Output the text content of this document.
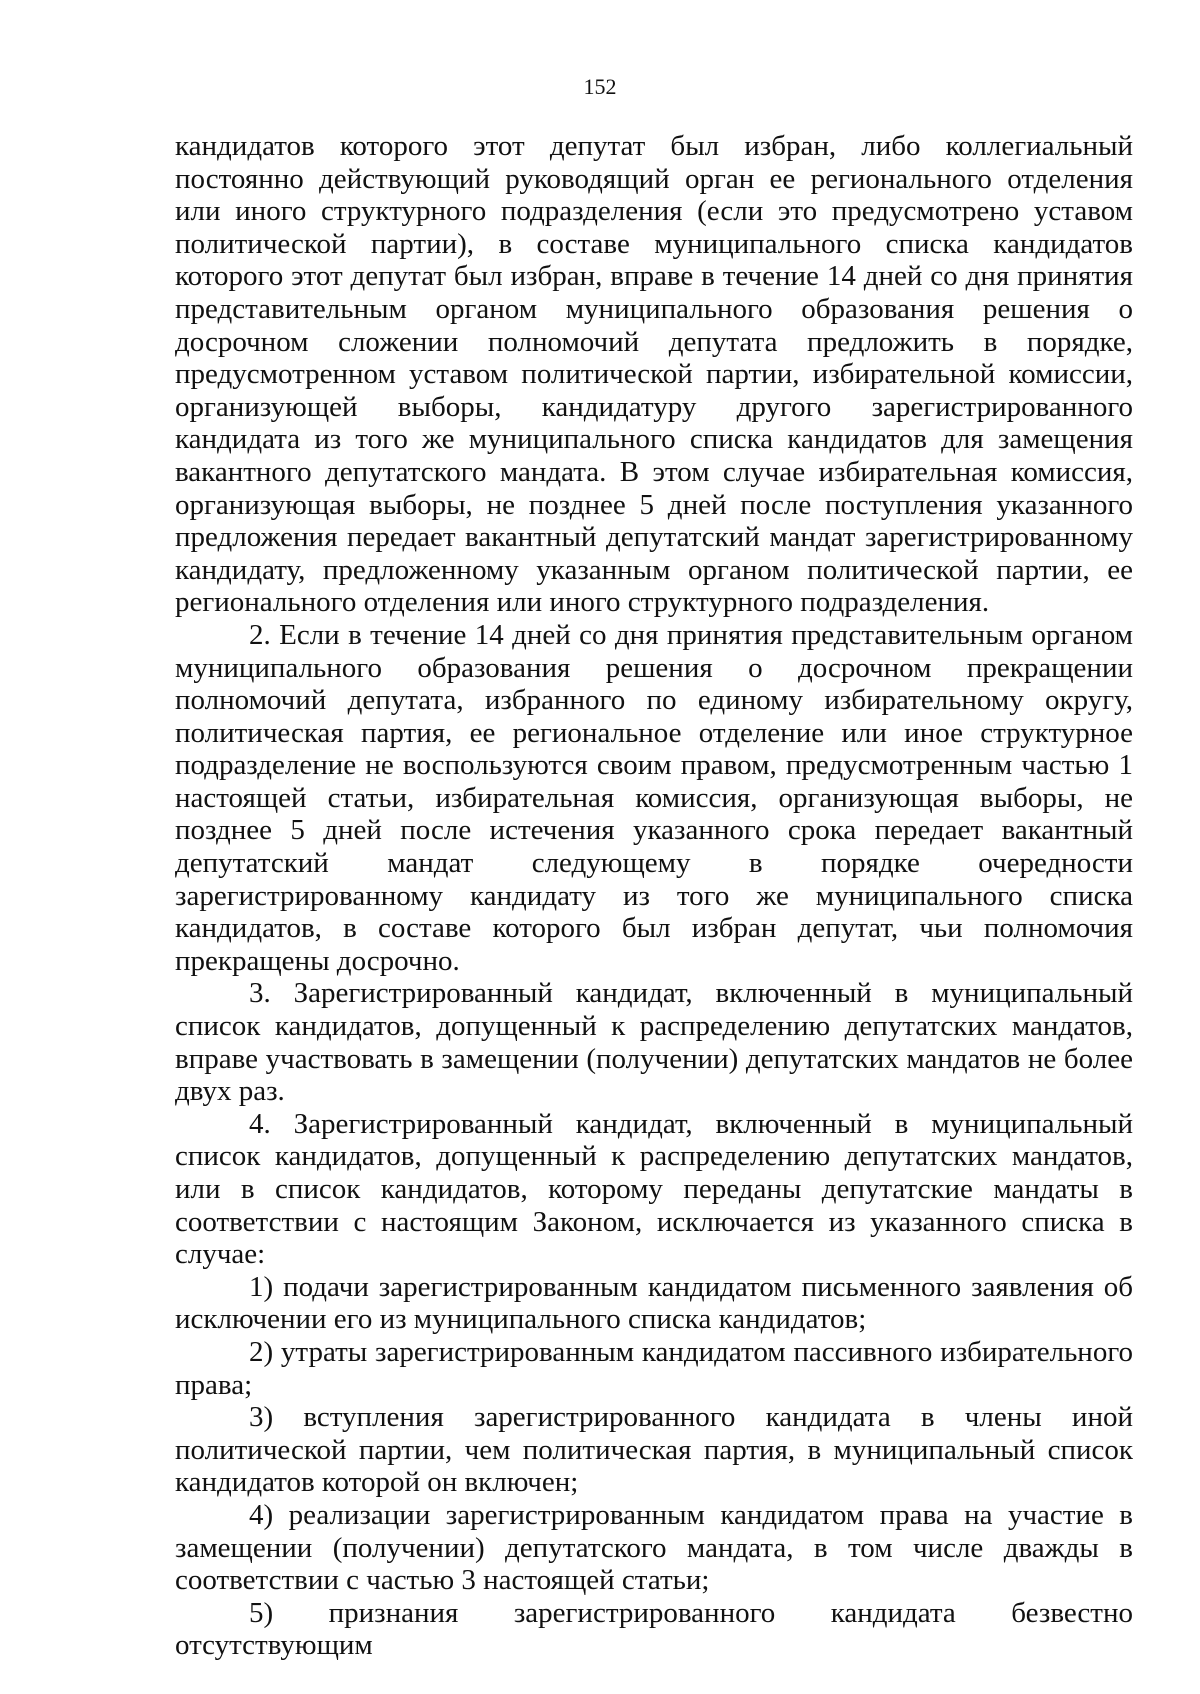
152

кандидатов которого этот депутат был избран, либо коллегиальный постоянно действующий руководящий орган ее регионального отделения или иного структурного подразделения (если это предусмотрено уставом политической партии), в составе муниципального списка кандидатов которого этот депутат был избран, вправе в течение 14 дней со дня принятия представительным органом муниципального образования решения о досрочном сложении полномочий депутата предложить в порядке, предусмотренном уставом политической партии, избирательной комиссии, организующей выборы, кандидатуру другого зарегистрированного кандидата из того же муниципального списка кандидатов для замещения вакантного депутатского мандата. В этом случае избирательная комиссия, организующая выборы, не позднее 5 дней после поступления указанного предложения передает вакантный депутатский мандат зарегистрированному кандидату, предложенному указанным органом политической партии, ее регионального отделения или иного структурного подразделения.

2. Если в течение 14 дней со дня принятия представительным органом муниципального образования решения о досрочном прекращении полномочий депутата, избранного по единому избирательному округу, политическая партия, ее региональное отделение или иное структурное подразделение не воспользуются своим правом, предусмотренным частью 1 настоящей статьи, избирательная комиссия, организующая выборы, не позднее 5 дней после истечения указанного срока передает вакантный депутатский мандат следующему в порядке очередности зарегистрированному кандидату из того же муниципального списка кандидатов, в составе которого был избран депутат, чьи полномочия прекращены досрочно.

3. Зарегистрированный кандидат, включенный в муниципальный список кандидатов, допущенный к распределению депутатских мандатов, вправе участвовать в замещении (получении) депутатских мандатов не более двух раз.

4. Зарегистрированный кандидат, включенный в муниципальный список кандидатов, допущенный к распределению депутатских мандатов, или в список кандидатов, которому переданы депутатские мандаты в соответствии с настоящим Законом, исключается из указанного списка в случае:

1) подачи зарегистрированным кандидатом письменного заявления об исключении его из муниципального списка кандидатов;

2) утраты зарегистрированным кандидатом пассивного избирательного права;

3) вступления зарегистрированного кандидата в члены иной политической партии, чем политическая партия, в муниципальный список кандидатов которой он включен;

4) реализации зарегистрированным кандидатом права на участие в замещении (получении) депутатского мандата, в том числе дважды в соответствии с частью 3 настоящей статьи;

5) признания зарегистрированного кандидата безвестно отсутствующим
